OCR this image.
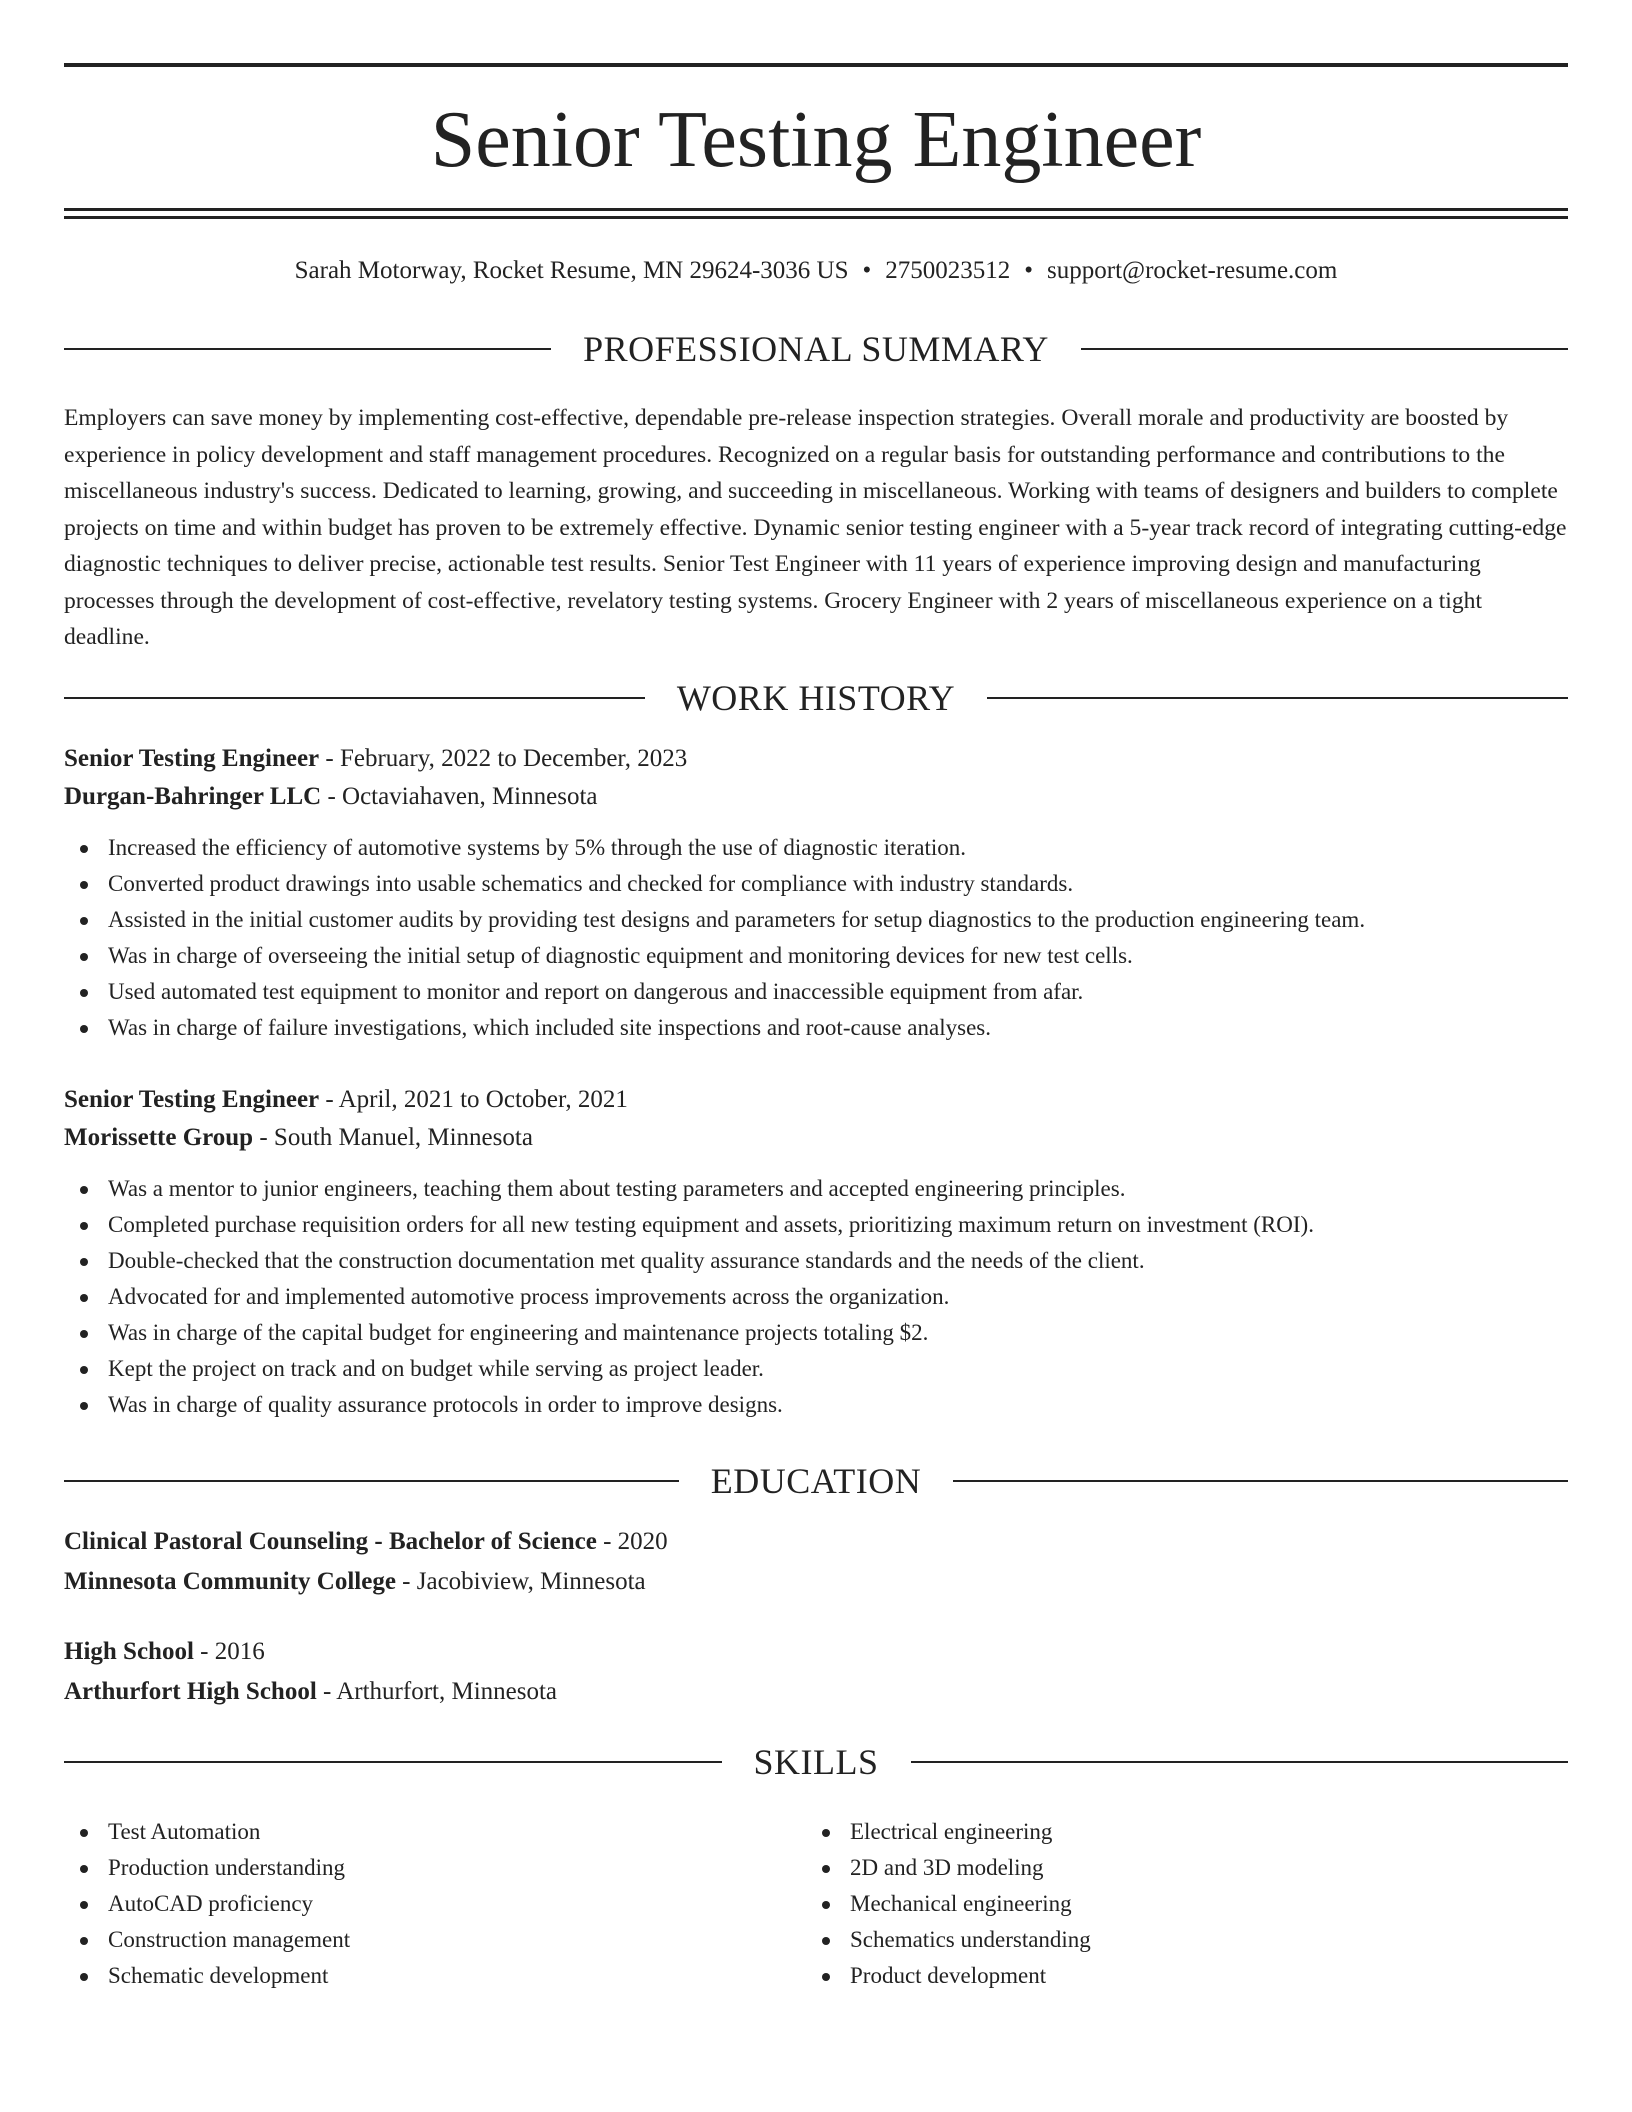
Senior Testing Engineer
Sarah Motorway, Rocket Resume, MN 29624-3036 US • 2750023512 • support@rocket-resume.com
PROFESSIONAL SUMMARY

Employers can save money by implementing cost-effective, dependable pre-release inspection strategies. Overall morale and productivity are boosted by experience in policy development and staff management procedures. Recognized on a regular basis for outstanding performance and contributions to the miscellaneous industry's success. Dedicated to learning, growing, and succeeding in miscellaneous. Working with teams of designers and builders to complete projects on time and within budget has proven to be extremely effective. Dynamic senior testing engineer with a 5-year track record of integrating cutting-edge diagnostic techniques to deliver precise, actionable test results. Senior Test Engineer with 11 years of experience improving design and manufacturing processes through the development of cost-effective, revelatory testing systems. Grocery Engineer with 2 years of miscellaneous experience on a tight deadline.

WORK HISTORY
Senior Testing Engineer - February, 2022 to December, 2023
Durgan-Bahringer LLC - Octaviahaven, Minnesota
Increased the efficiency of automotive systems by 5% through the use of diagnostic iteration.
Converted product drawings into usable schematics and checked for compliance with industry standards.
Assisted in the initial customer audits by providing test designs and parameters for setup diagnostics to the production engineering team.
Was in charge of overseeing the initial setup of diagnostic equipment and monitoring devices for new test cells.
Used automated test equipment to monitor and report on dangerous and inaccessible equipment from afar.
Was in charge of failure investigations, which included site inspections and root-cause analyses.
Senior Testing Engineer - April, 2021 to October, 2021
Morissette Group - South Manuel, Minnesota
Was a mentor to junior engineers, teaching them about testing parameters and accepted engineering principles.
Completed purchase requisition orders for all new testing equipment and assets, prioritizing maximum return on investment (ROI).
Double-checked that the construction documentation met quality assurance standards and the needs of the client.
Advocated for and implemented automotive process improvements across the organization.
Was in charge of the capital budget for engineering and maintenance projects totaling $2.
Kept the project on track and on budget while serving as project leader.
Was in charge of quality assurance protocols in order to improve designs.
EDUCATION
Clinical Pastoral Counseling - Bachelor of Science - 2020
Minnesota Community College - Jacobiview, Minnesota
High School - 2016
Arthurfort High School - Arthurfort, Minnesota
SKILLS
Test Automation
Production understanding
AutoCAD proficiency
Construction management
Schematic development
Electrical engineering
2D and 3D modeling
Mechanical engineering
Schematics understanding
Product development
